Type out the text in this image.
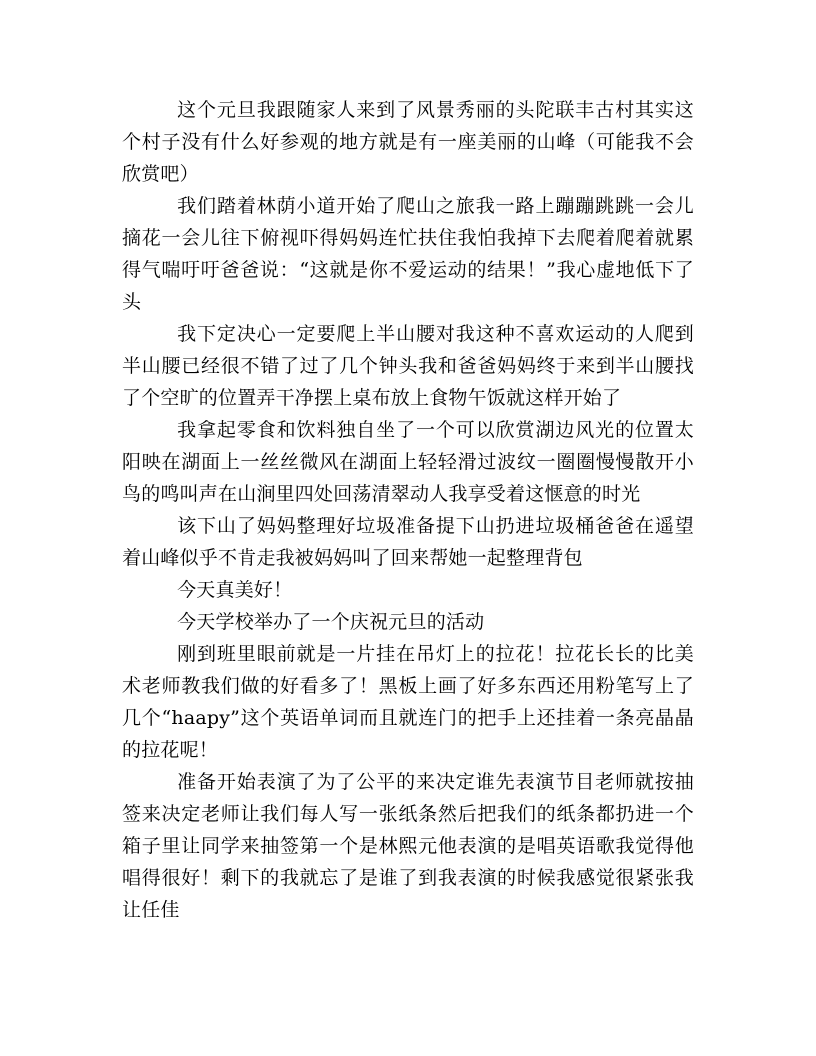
这个元旦我跟随家人来到了风景秀丽的头陀联丰古村其实这个村子没有什么好参观的地方就是有一座美丽的山峰（可能我不会欣赏吧）

我们踏着林荫小道开始了爬山之旅我一路上蹦蹦跳跳一会儿摘花一会儿往下俯视吓得妈妈连忙扶住我怕我掉下去爬着爬着就累得气喘吁吁爸爸说：“这就是你不爱运动的结果！”我心虚地低下了头

我下定决心一定要爬上半山腰对我这种不喜欢运动的人爬到半山腰已经很不错了过了几个钟头我和爸爸妈妈终于来到半山腰找了个空旷的位置弄干净摆上桌布放上食物午饭就这样开始了

我拿起零食和饮料独自坐了一个可以欣赏湖边风光的位置太阳映在湖面上一丝丝微风在湖面上轻轻滑过波纹一圈圈慢慢散开小鸟的鸣叫声在山涧里四处回荡清翠动人我享受着这惬意的时光

该下山了妈妈整理好垃圾准备提下山扔进垃圾桶爸爸在遥望着山峰似乎不肯走我被妈妈叫了回来帮她一起整理背包

今天真美好！

今天学校举办了一个庆祝元旦的活动

刚到班里眼前就是一片挂在吊灯上的拉花！拉花长长的比美术老师教我们做的好看多了！黑板上画了好多东西还用粉笔写上了几个“haapy”这个英语单词而且就连门的把手上还挂着一条亮晶晶的拉花呢！

准备开始表演了为了公平的来决定谁先表演节目老师就按抽签来决定老师让我们每人写一张纸条然后把我们的纸条都扔进一个箱子里让同学来抽签第一个是林熙元他表演的是唱英语歌我觉得他唱得很好！剩下的我就忘了是谁了到我表演的时候我感觉很紧张我让任佳
